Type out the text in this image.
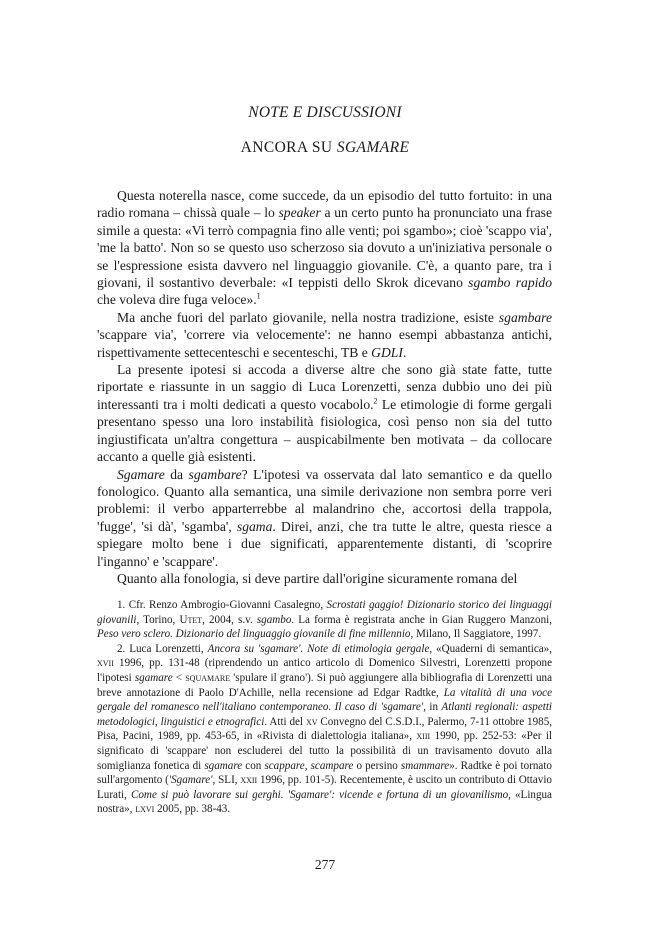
NOTE E DISCUSSIONI
ANCORA SU SGAMARE

Questa noterella nasce, come succede, da un episodio del tutto fortuito: in una radio romana – chissà quale – lo speaker a un certo punto ha pronunciato una frase simile a questa: «Vi terrò compagnia fino alle venti; poi sgambo»; cioè 'scappo via', 'me la batto'. Non so se questo uso scherzoso sia dovuto a un'iniziativa personale o se l'espressione esista davvero nel linguaggio giovanile. C'è, a quanto pare, tra i giovani, il sostantivo deverbale: «I teppisti dello Skrok dicevano sgambo rapido che voleva dire fuga veloce».$^1$

Ma anche fuori del parlato giovanile, nella nostra tradizione, esiste sgambare 'scappare via', 'correre via velocemente': ne hanno esempi abbastanza antichi, rispettivamente settecenteschi e secenteschi, TB e GDLI.

La presente ipotesi si accoda a diverse altre che sono già state fatte, tutte riportate e riassunte in un saggio di Luca Lorenzetti, senza dubbio uno dei più interessanti tra i molti dedicati a questo vocabolo.$^2$ Le etimologie di forme gergali presentano spesso una loro instabilità fisiologica, così penso non sia del tutto ingiustificata un'altra congettura – auspicabilmente ben motivata – da collocare accanto a quelle già esistenti.

Sgamare da sgambare? L'ipotesi va osservata dal lato semantico e da quello fonologico. Quanto alla semantica, una simile derivazione non sembra porre veri problemi: il verbo apparterrebbe al malandrino che, accortosi della trappola, 'fugge', 'si dà', 'sgamba', sgama. Direi, anzi, che tra tutte le altre, questa riesce a spiegare molto bene i due significati, apparentemente distanti, di 'scoprire l'inganno' e 'scappare'.

Quanto alla fonologia, si deve partire dall'origine sicuramente romana del

1. Cfr. Renzo Ambrogio-Giovanni Casalegno, Scrostati gaggio! Dizionario storico dei linguaggi giovanili, Torino, Utet, 2004, s.v. sgambo. La forma è registrata anche in Gian Ruggero Manzoni, Peso vero sclero. Dizionario del linguaggio giovanile di fine millennio, Milano, Il Saggiatore, 1997.

2. Luca Lorenzetti, Ancora su 'sgamare'. Note di etimologia gergale, «Quaderni di semantica», xvii 1996, pp. 131-48 (riprendendo un antico articolo di Domenico Silvestri, Lorenzetti propone l'ipotesi sgamare < squamare 'spulare il grano'). Si può aggiungere alla bibliografia di Lorenzetti una breve annotazione di Paolo D'Achille, nella recensione ad Edgar Radtke, La vitalità di una voce gergale del romanesco nell'italiano contemporaneo. Il caso di 'sgamare', in Atlanti regionali: aspetti metodologici, linguistici e etnografici. Atti del xv Convegno del C.S.D.I., Palermo, 7-11 ottobre 1985, Pisa, Pacini, 1989, pp. 453-65, in «Rivista di dialettologia italiana», xiii 1990, pp. 252-53: «Per il significato di 'scappare' non escluderei del tutto la possibilità di un travisamento dovuto alla somiglianza fonetica di sgamare con scappare, scampare o persino smammare». Radtke è poi tornato sull'argomento ('Sgamare', SLI, xxii 1996, pp. 101-5). Recentemente, è uscito un contributo di Ottavio Lurati, Come si può lavorare sui gerghi. 'Sgamare': vicende e fortuna di un giovanilismo, «Lingua nostra», lxvi 2005, pp. 38-43.

277
